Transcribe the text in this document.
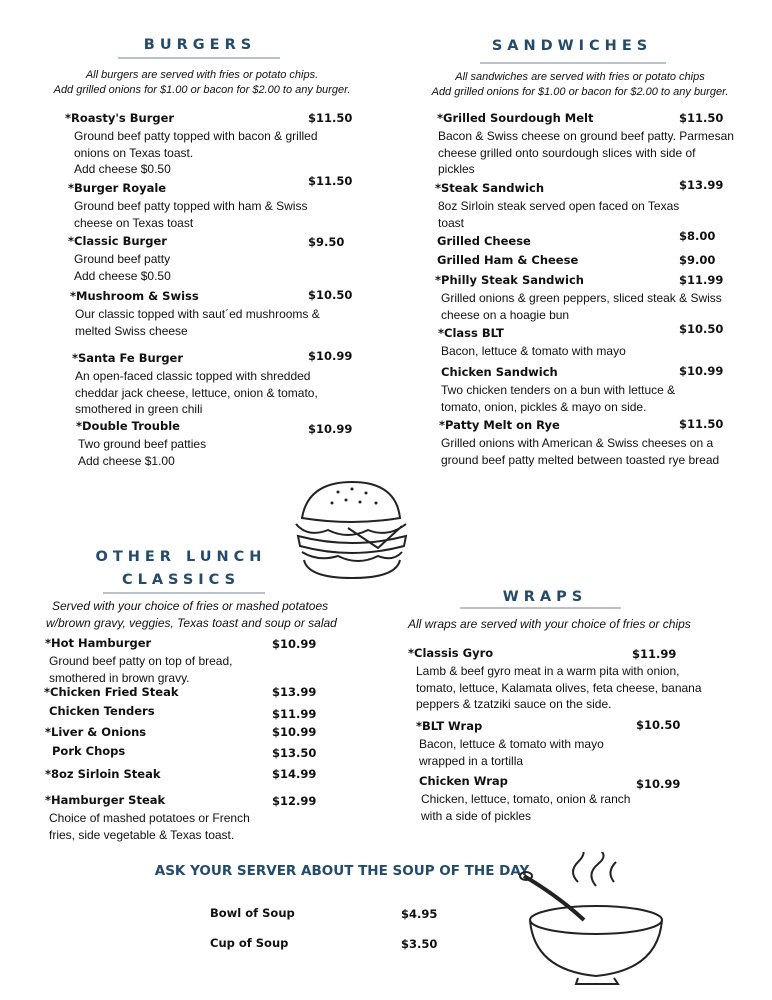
BURGERS	SANDWICHES
OTHER LUNCH
CLASSICS
WRAPS
All burgers are served with fries or potato chips.
Add grilled onions for $1.00 or bacon for $2.00 to any burger.
All sandwiches are served with fries or potato chips
Add grilled onions for $1.00 or bacon for $2.00 to any burger.
Served with your choice of fries or mashed potatoes
w/brown gravy, veggies, Texas toast and soup or salad	All wraps are served with your choice of fries or chips
*Roasty's Burger	$11.50
Ground beef patty topped with bacon & grilled
onions on Texas toast.
Add cheese $0.50
*Burger Royale	$11.50
Ground beef patty topped with ham & Swiss
cheese on Texas toast
*Classic Burger	$9.50
Ground beef patty
Add cheese $0.50
*Mushroom & Swiss	$10.50
Our classic topped with saut´ed mushrooms &
melted Swiss cheese
*Santa Fe Burger	$10.99
An open-faced classic topped with shredded
cheddar jack cheese, lettuce, onion & tomato,
smothered in green chili
*Double Trouble	$10.99
Two ground beef patties
Add cheese $1.00
*Grilled Sourdough Melt	$11.50
Bacon & Swiss cheese on ground beef patty. Parmesan
cheese grilled onto sourdough slices with side of
pickles
*Steak Sandwich	$13.99
8oz Sirloin steak served open faced on Texas
toast
Grilled Cheese	$8.00
Grilled Ham & Cheese	$9.00
*Philly Steak Sandwich	$11.99
Grilled onions & green peppers, sliced steak & Swiss
cheese on a hoagie bun
*Class BLT	$10.50
Bacon, lettuce & tomato with mayo
Chicken Sandwich	$10.99
Two chicken tenders on a bun with lettuce &
tomato, onion, pickles & mayo on side.
*Patty Melt on Rye	$11.50
Grilled onions with American & Swiss cheeses on a
ground beef patty melted between toasted rye bread
*Hot Hamburger	$10.99
Ground beef patty on top of bread,
smothered in brown gravy.
*Chicken Fried Steak	$13.99
Chicken Tenders	$11.99
*Liver & Onions	$10.99
Pork Chops	$13.50
*8oz Sirloin Steak	$14.99
*Hamburger Steak	$12.99
Choice of mashed potatoes or French
fries, side vegetable & Texas toast.
*Classis Gyro	$11.99
Lamb & beef gyro meat in a warm pita with onion,
tomato, lettuce, Kalamata olives, feta cheese, banana
peppers & tzatziki sauce on the side.
*BLT Wrap	$10.50
Bacon, lettuce & tomato with mayo
wrapped in a tortilla
Chicken Wrap	$10.99
Chicken, lettuce, tomato, onion & ranch
with a side of pickles
ASK YOUR SERVER ABOUT THE SOUP OF THE DAY
Bowl of Soup	$4.95
Cup of Soup	$3.50
